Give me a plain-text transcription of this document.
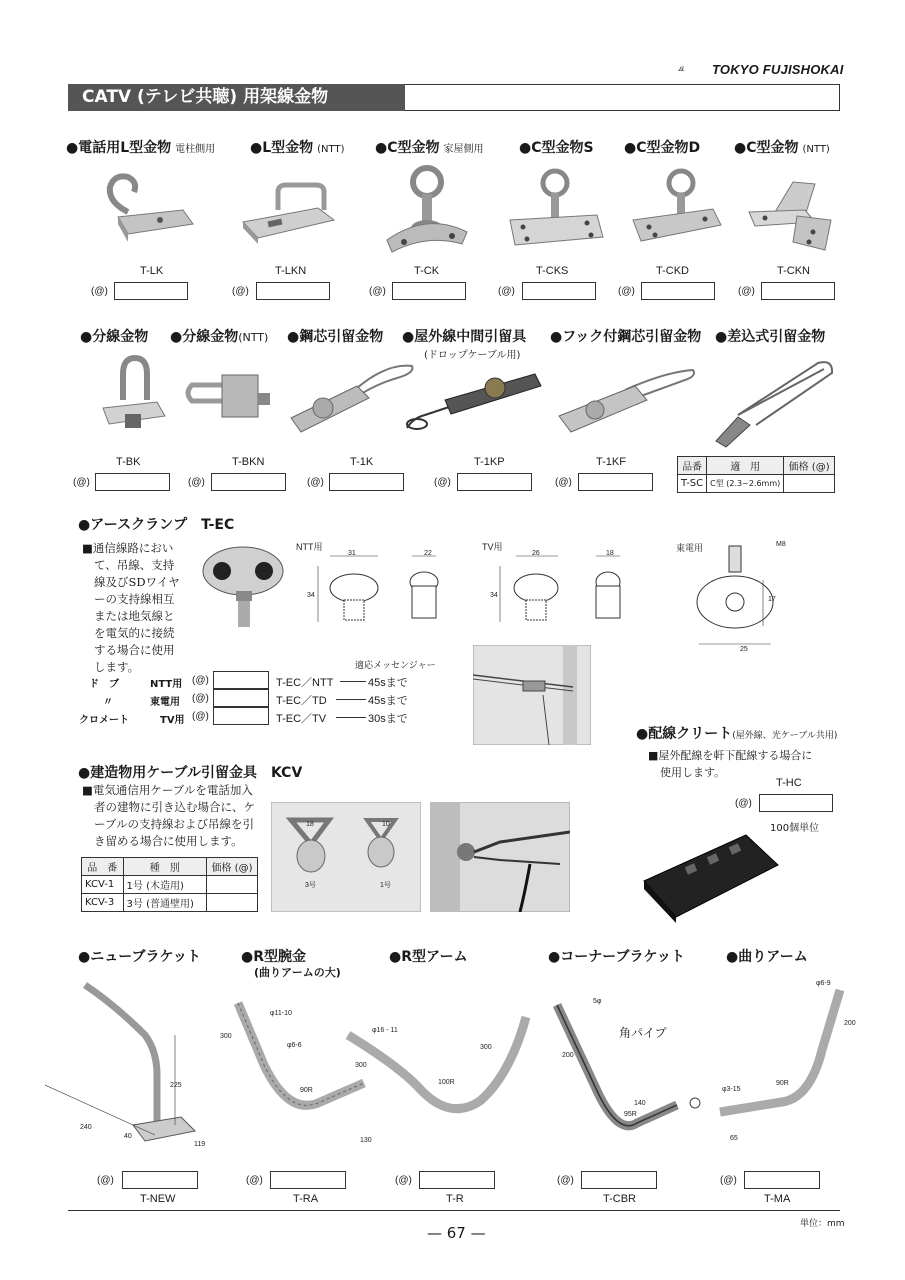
TOKYO FUJISHOKAI
CATV (テレビ共聴) 用架線金物
●電話用L型金物 電柱側用 ●L型金物 (NTT) ●C型金物 家屋側用	●C型金物S ●C型金物D ●C型金物 (NTT)
T-LK	T-LKN	T-CK	T-CKS	T-CKD	T-CKN
(@)	(@)	(@)	(@)	(@)	(@)
●分線金物 ●分線金物(NTT) ●鋼芯引留金物 ●屋外線中間引留具
(ドロップケーブル用)
●フック付鋼芯引留金物 ●差込式引留金物
T-BK	T-BKN	T-1K	T-1KP	T-1KF
(@)	(@)	(@)	(@)	(@)
品番	適　用	価格 (@)
T-SC	C型 (2.3~2.6mm)	
●アースクランプ　T-EC
■通信線路におい
て、吊線、支持
線及びSDワイヤ
ーの支持線相互
または地気線と
を電気的に接続
する場合に使用
します。
NTT用	TV用	東電用
31	22
34
26	18
34
M8
17
25
適応メッセンジャー
ド　ブ	NTT用 (@)	T-EC／NTT	45sまで
〃	東電用 (@)	T-EC／TD	45sまで
クロメート	TV用 (@)	T-EC／TV	30sまで
●建造物用ケーブル引留金具　KCV
■電気通信用ケーブルを電話加入
者の建物に引き込む場合に、ケ
ーブルの支持線および吊線を引
き留める場合に使用します。
品　番	種　別	価格 (@)
KCV-1	1号 (木造用)	
KCV-3	3号 (普通壁用)	
18	10
3号	1号
●配線クリート(屋外線、光ケーブル共用)
■屋外配線を軒下配線する場合に
使用します。
T-HC
(@)
100個単位
●ニューブラケット	●R型腕金
(曲りアームの大)
●R型アーム	●コーナーブラケット	●曲りアーム
225
240
40
119
φ11-10
300
φ6-6
90R
130
φ16 - 11
300
300
100R
5φ
角パイプ
200
140
95R
φ6-9
200
90R
φ3-15
65
(@)	(@)	(@)	(@)	(@)
T-NEW	T-RA	T-R	T-CBR	T-MA
単位：mm
— 67 —
